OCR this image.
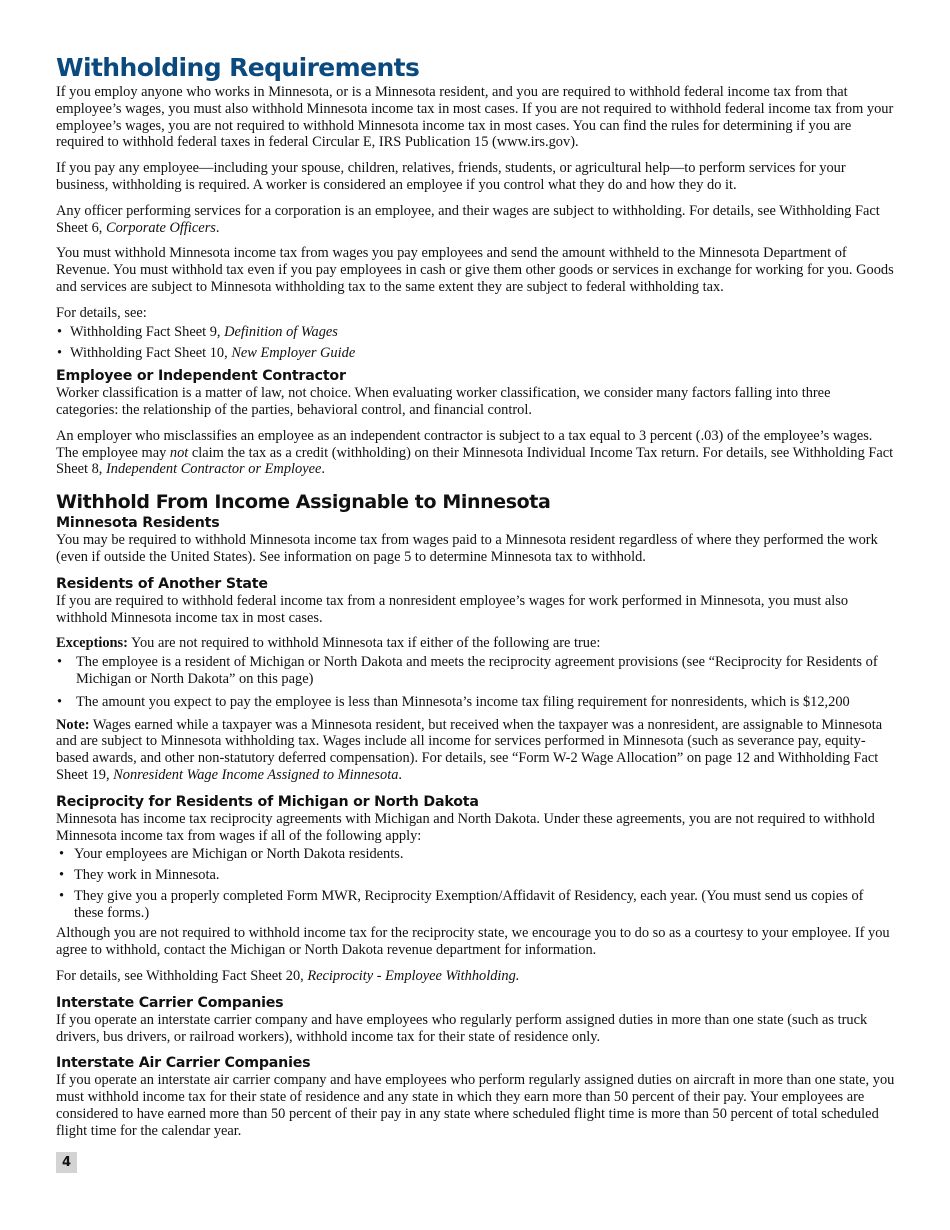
Withholding Requirements

If you employ anyone who works in Minnesota, or is a Minnesota resident, and you are required to withhold federal income tax from that employee’s wages, you must also withhold Minnesota income tax in most cases. If you are not required to withhold federal income tax from your employee’s wages, you are not required to withhold Minnesota income tax in most cases. You can find the rules for determining if you are required to withhold federal taxes in federal Circular E, IRS Publication 15 (www.irs.gov).

If you pay any employee—including your spouse, children, relatives, friends, students, or agricultural help—to perform services for your business, withholding is required. A worker is considered an employee if you control what they do and how they do it.

Any officer performing services for a corporation is an employee, and their wages are subject to withholding. For details, see Withholding Fact Sheet 6, Corporate Officers.

You must withhold Minnesota income tax from wages you pay employees and send the amount withheld to the Minnesota Department of Revenue. You must withhold tax even if you pay employees in cash or give them other goods or services in exchange for working for you. Goods and services are subject to Minnesota withholding tax to the same extent they are subject to federal withholding tax.

For details, see:

• Withholding Fact Sheet 9, Definition of Wages
• Withholding Fact Sheet 10, New Employer Guide
Employee or Independent Contractor

Worker classification is a matter of law, not choice. When evaluating worker classification, we consider many factors falling into three categories: the relationship of the parties, behavioral control, and financial control.

An employer who misclassifies an employee as an independent contractor is subject to a tax equal to 3 percent (.03) of the employee’s wages. The employee may not claim the tax as a credit (withholding) on their Minnesota Individual Income Tax return. For details, see Withholding Fact Sheet 8, Independent Contractor or Employee.

Withhold From Income Assignable to Minnesota
Minnesota Residents

You may be required to withhold Minnesota income tax from wages paid to a Minnesota resident regardless of where they performed the work (even if outside the United States). See information on page 5 to determine Minnesota tax to withhold.

Residents of Another State

If you are required to withhold federal income tax from a nonresident employee’s wages for work performed in Minnesota, you must also withhold Minnesota income tax in most cases.

Exceptions: You are not required to withhold Minnesota tax if either of the following are true:

• The employee is a resident of Michigan or North Dakota and meets the reciprocity agreement provisions (see “Reciprocity for Residents of Michigan or North Dakota” on this page)
• The amount you expect to pay the employee is less than Minnesota’s income tax filing requirement for nonresidents, which is $12,200

Note: Wages earned while a taxpayer was a Minnesota resident, but received when the taxpayer was a nonresident, are assignable to Minnesota and are subject to Minnesota withholding tax. Wages include all income for services performed in Minnesota (such as severance pay, equity-based awards, and other non-statutory deferred compensation). For details, see “Form W-2 Wage Allocation” on page 12 and Withholding Fact Sheet 19, Nonresident Wage Income Assigned to Minnesota.

Reciprocity for Residents of Michigan or North Dakota

Minnesota has income tax reciprocity agreements with Michigan and North Dakota. Under these agreements, you are not required to withhold Minnesota income tax from wages if all of the following apply:

• Your employees are Michigan or North Dakota residents.
• They work in Minnesota.
• They give you a properly completed Form MWR, Reciprocity Exemption/Affidavit of Residency, each year. (You must send us copies of these forms.)

Although you are not required to withhold income tax for the reciprocity state, we encourage you to do so as a courtesy to your employee. If you agree to withhold, contact the Michigan or North Dakota revenue department for information.

For details, see Withholding Fact Sheet 20, Reciprocity - Employee Withholding.

Interstate Carrier Companies

If you operate an interstate carrier company and have employees who regularly perform assigned duties in more than one state (such as truck drivers, bus drivers, or railroad workers), withhold income tax for their state of residence only.

Interstate Air Carrier Companies

If you operate an interstate air carrier company and have employees who perform regularly assigned duties on aircraft in more than one state, you must withhold income tax for their state of residence and any state in which they earn more than 50 percent of their pay. Your employees are considered to have earned more than 50 percent of their pay in any state where scheduled flight time is more than 50 percent of total scheduled flight time for the calendar year.

4
